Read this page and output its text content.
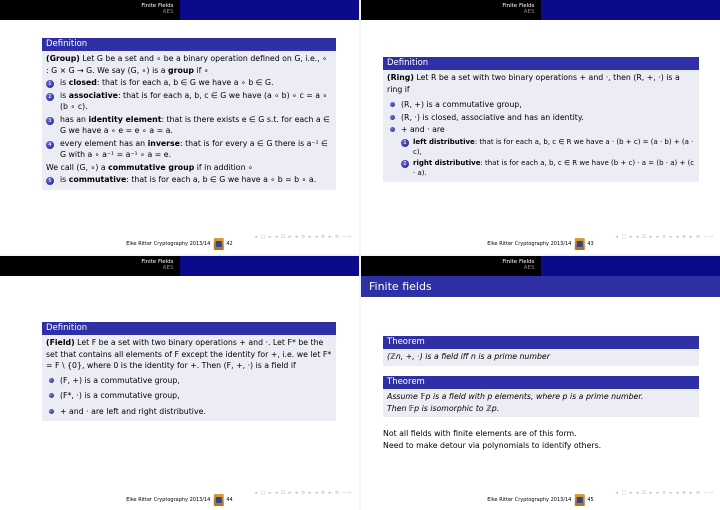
Finite Fields
AES
Definition

(Group) Let G be a set and ∘ be a binary operation defined on G, i.e., ∘ : G × G → G. We say (G, ∘) is a group if ∘

1	is closed: that is for each a, b ∈ G we have a ∘ b ∈ G.
2	is associative: that is for each a, b, c ∈ G we have (a ∘ b) ∘ c = a ∘ (b ∘ c).
3	has an identity element: that is there exists e ∈ G s.t. for each a ∈ G we have a ∘ e = e ∘ a = a.
4	every element has an inverse: that is for every a ∈ G there is a⁻¹ ∈ G with a ∘ a⁻¹ = a⁻¹ ∘ a = e.

We call (G, ∘) a commutative group if in addition ∘

5	is commutative: that is for each a, b ∈ G we have a ∘ b = b ∘ a.
◂ □ ▸ ◂ ⊡ ▸ ◂ ≡ ▸ ◂ ≣ ▸ ≡ ∽∾
Eike Ritter Cryptography 2013/14	42
Finite Fields
AES
Definition

(Ring) Let R be a set with two binary operations + and ·, then (R, +, ·) is a ring if

(R, +) is a commutative group,
(R, ·) is closed, associative and has an identity.
+ and · are
1 left distributive: that is for each a, b, c ∈ R we have a · (b + c) = (a · b) + (a · c),
2 right distributive: that is for each a, b, c ∈ R we have (b + c) · a = (b · a) + (c · a).
◂ □ ▸ ◂ ⊡ ▸ ◂ ≡ ▸ ◂ ≣ ▸ ≡ ∽∾
Eike Ritter Cryptography 2013/14	43
Finite Fields
AES
Definition

(Field) Let F be a set with two binary operations + and ·. Let F* be the set that contains all elements of F except the identity for +, i.e. we let F* = F \ {0}, where 0 is the identity for +. Then (F, +, ·) is a field if

(F, +) is a commutative group,
(F*, ·) is a commutative group,
+ and · are left and right distributive.
◂ □ ▸ ◂ ⊡ ▸ ◂ ≡ ▸ ◂ ≣ ▸ ≡ ∽∾
Eike Ritter Cryptography 2013/14	44
Finite Fields
AES
Finite fields
Theorem
(ℤn, +, ·) is a field iff n is a prime number
Theorem

Assume 𝔽p is a field with p elements, where p is a prime number.

Then 𝔽p is isomorphic to ℤp.

Not all fields with finite elements are of this form.
Need to make detour via polynomials to identify others.
◂ □ ▸ ◂ ⊡ ▸ ◂ ≡ ▸ ◂ ≣ ▸ ≡ ∽∾
Eike Ritter Cryptography 2013/14	45
